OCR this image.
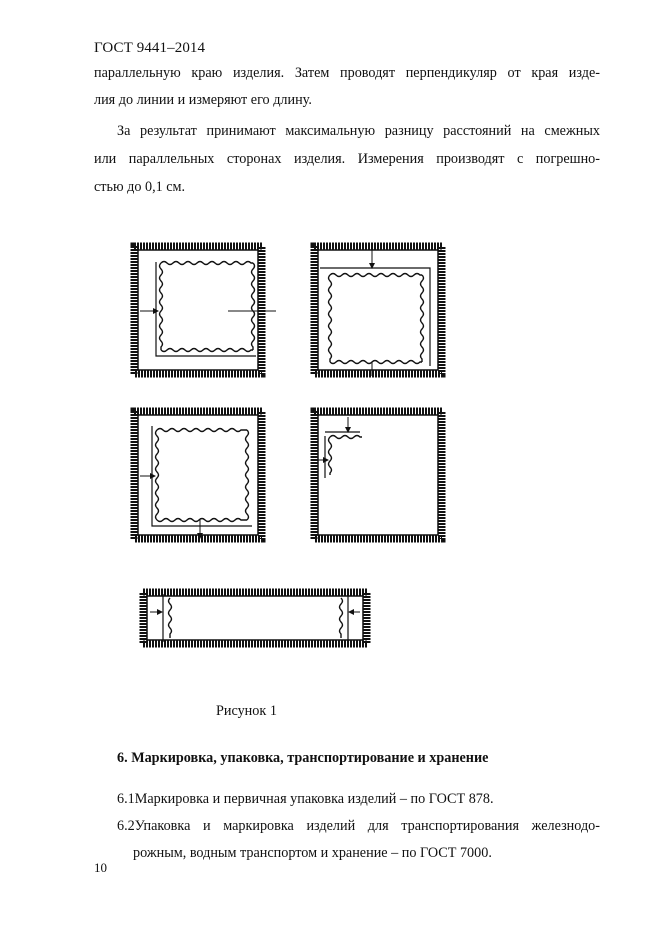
ГОСТ 9441–2014
параллельную краю изделия. Затем проводят перпендикуляр от края изде-
лия до линии и измеряют его длину.
За результат принимают максимальную разницу расстояний на смежных
или параллельных сторонах изделия. Измерения производят с погрешно-
стью до 0,1 см.
Рисунок 1
6. Маркировка, упаковка, транспортирование и хранение
6.1Маркировка и первичная упаковка изделий – по ГОСТ 878.
6.2Упаковка и маркировка изделий для транспортирования железнодо-
рожным, водным транспортом и хранение – по ГОСТ 7000.
10
